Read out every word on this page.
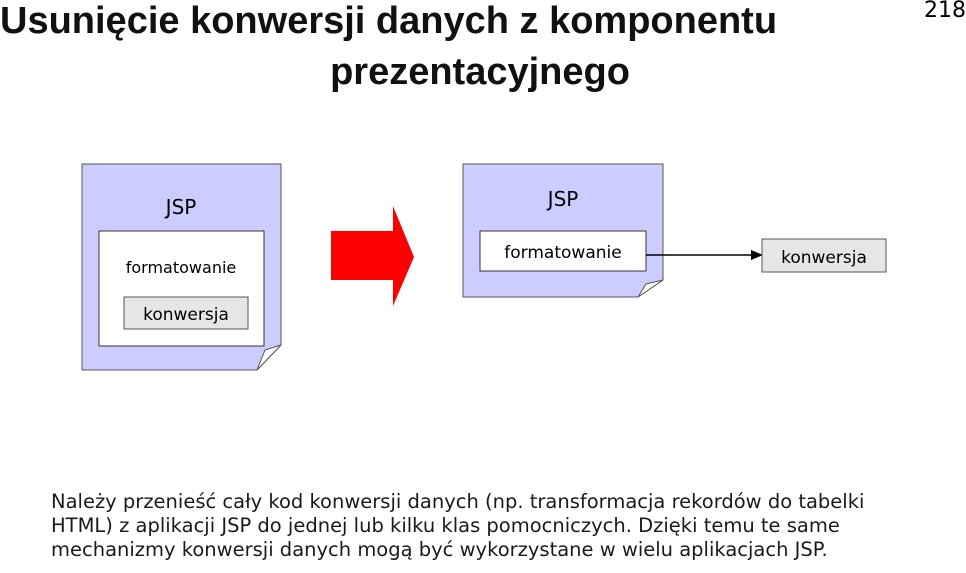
218
Usunięcie konwersji danych z komponentu
prezentacyjnego
JSP
formatowanie
konwersja
JSP
formatowanie	konwersja
Należy przenieść cały kod konwersji danych (np. transformacja rekordów do tabelki
HTML) z aplikacji JSP do jednej lub kilku klas pomocniczych. Dzięki temu te same
mechanizmy konwersji danych mogą być wykorzystane w wielu aplikacjach JSP.
